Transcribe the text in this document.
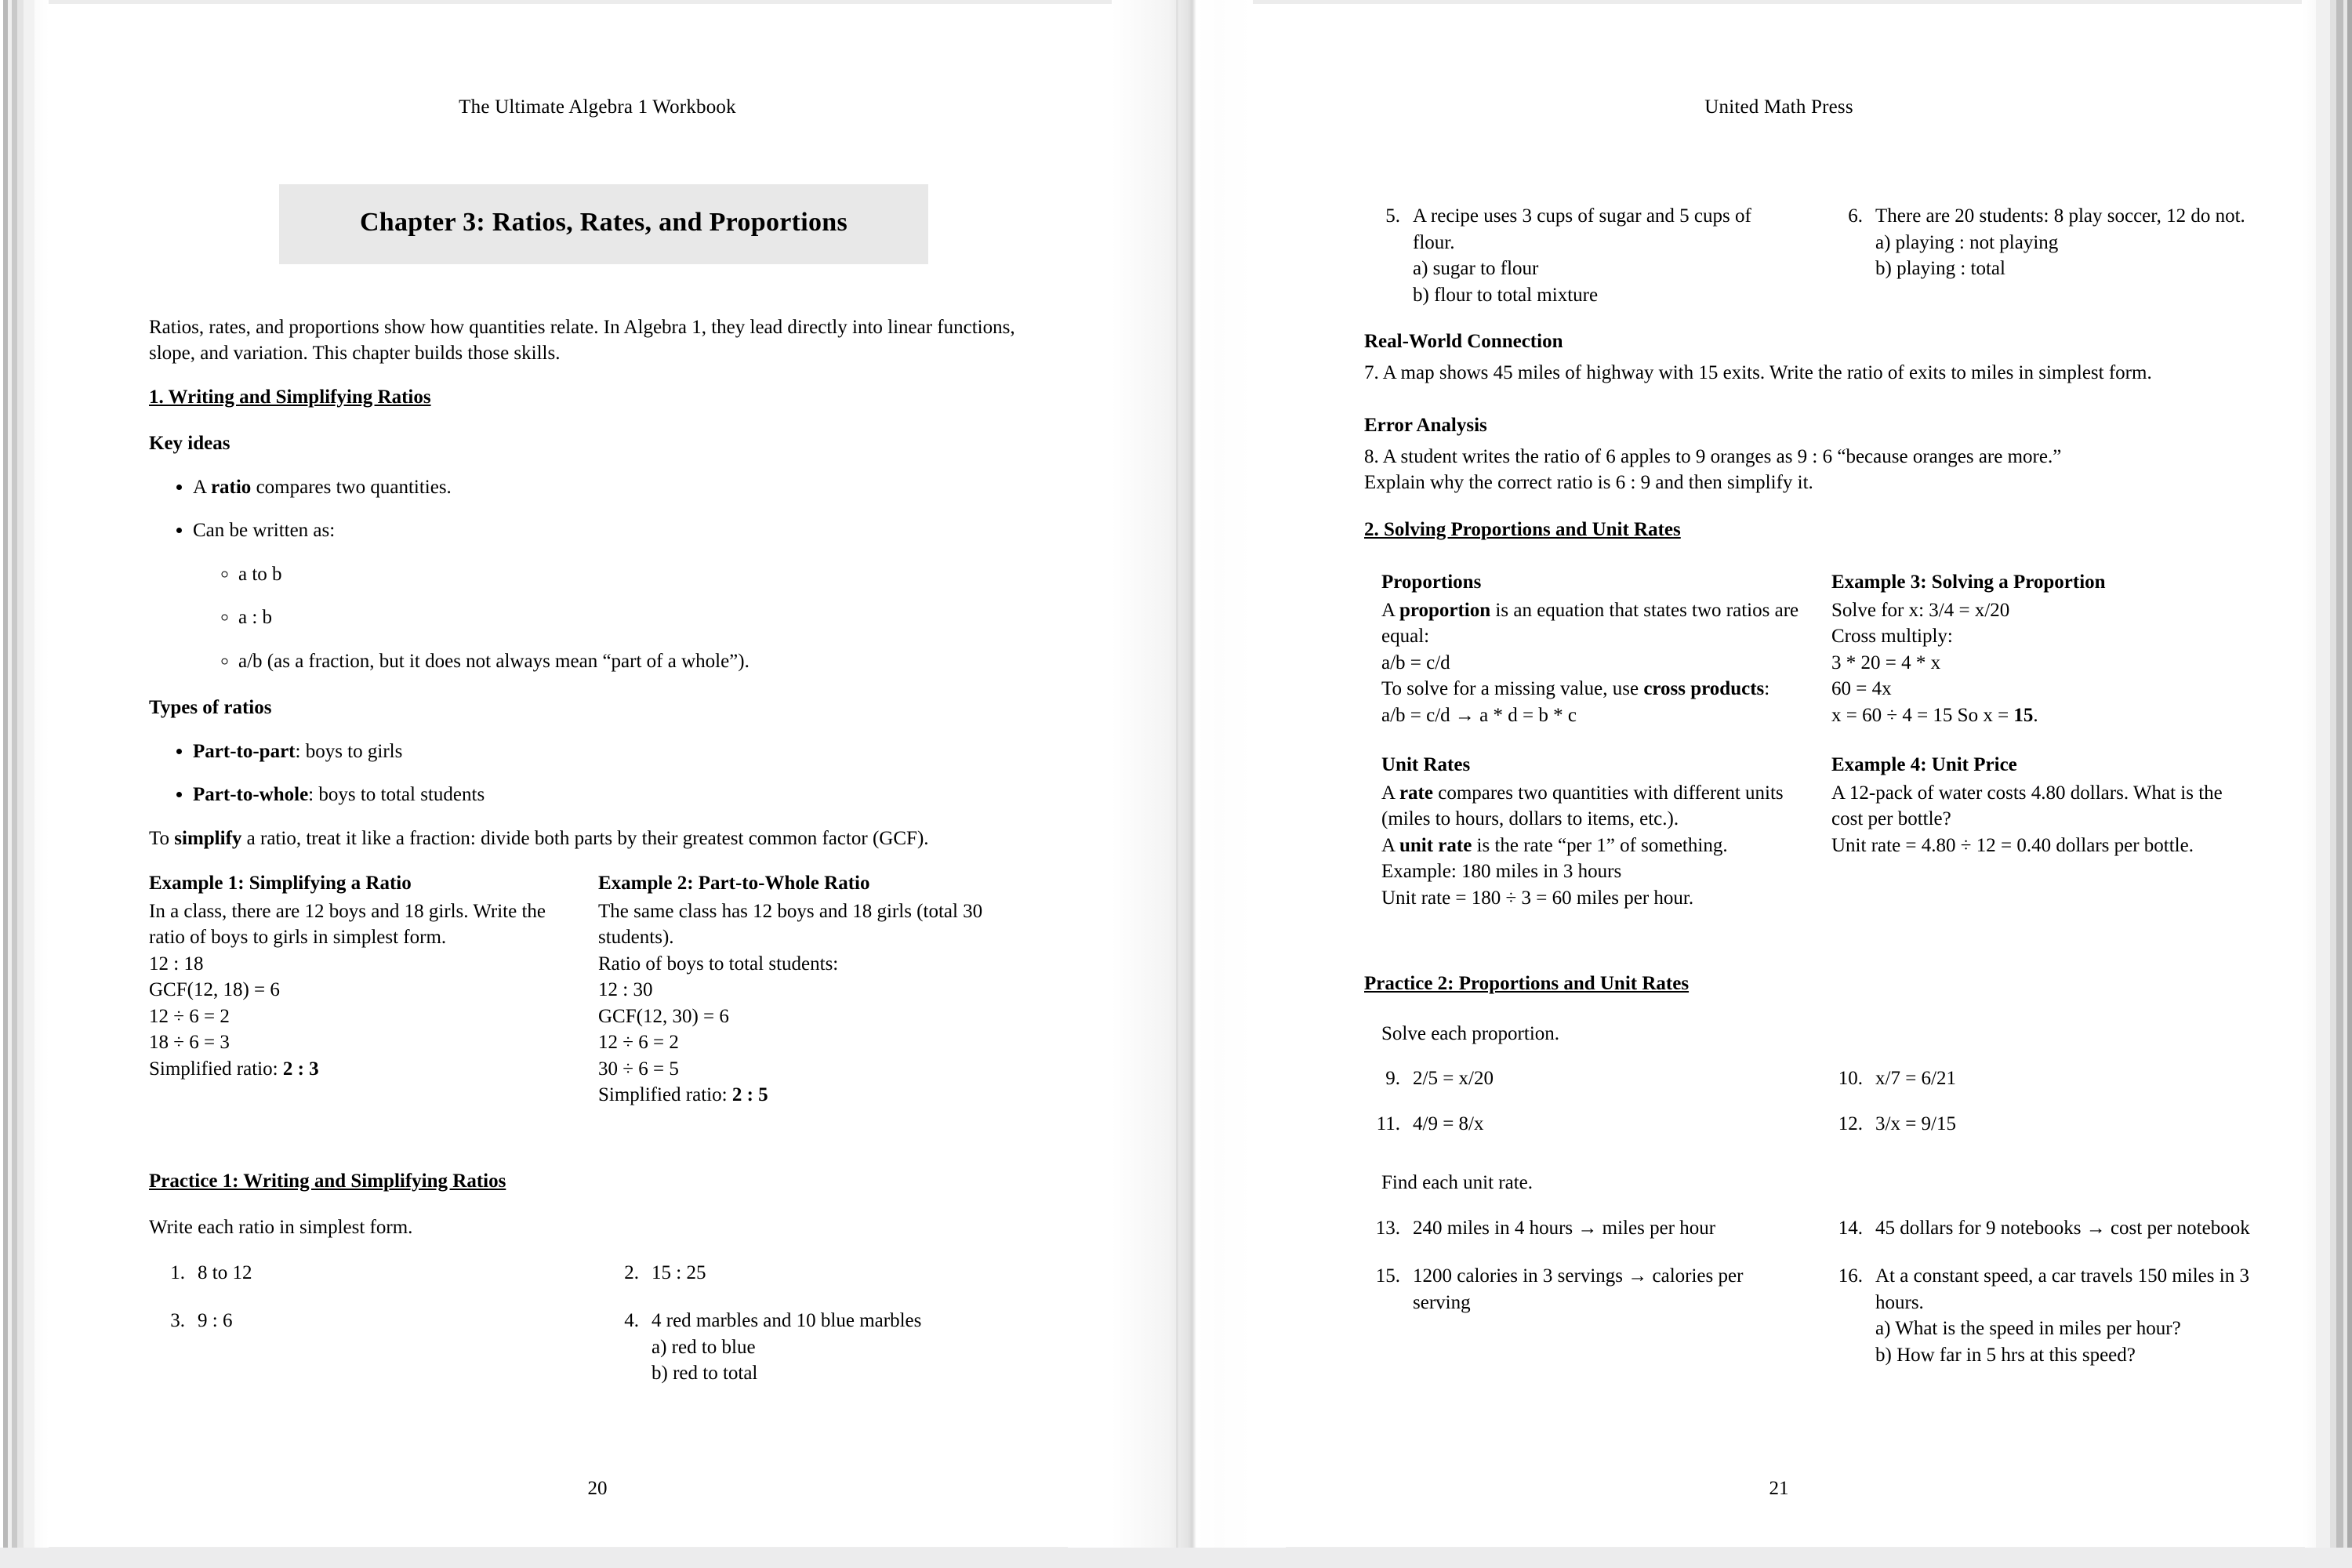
The Ultimate Algebra 1 Workbook
Chapter 3: Ratios, Rates, and Proportions

Ratios, rates, and proportions show how quantities relate. In Algebra 1, they lead directly into linear functions, slope, and variation. This chapter builds those skills.

1. Writing and Simplifying Ratios
Key ideas
• A ratio compares two quantities.
• Can be written as:
◦ a to b
◦ a : b
◦ a/b (as a fraction, but it does not always mean “part of a whole”).
Types of ratios
• Part-to-part: boys to girls
• Part-to-whole: boys to total students

To simplify a ratio, treat it like a fraction: divide both parts by their greatest common factor (GCF).

Example 1: Simplifying a Ratio

In a class, there are 12 boys and 18 girls. Write the ratio of boys to girls in simplest form.

12 : 18

GCF(12, 18) = 6

12 ÷ 6 = 2

18 ÷ 6 = 3

Simplified ratio: 2 : 3

Example 2: Part-to-Whole Ratio

The same class has 12 boys and 18 girls (total 30 students).

Ratio of boys to total students:

12 : 30

GCF(12, 30) = 6

12 ÷ 6 = 2

30 ÷ 6 = 5

Simplified ratio: 2 : 5

Practice 1: Writing and Simplifying Ratios

Write each ratio in simplest form.

1. 8 to 12	2. 15 : 25
3. 9 : 6	4. 4 red marbles and 10 blue marbles
a) red to blue
b) red to total
20
United Math Press
5. A recipe uses 3 cups of sugar and 5 cups of flour.
a) sugar to flour
b) flour to total mixture
6. There are 20 students: 8 play soccer, 12 do not.
a) playing : not playing
b) playing : total
Real-World Connection

7. A map shows 45 miles of highway with 15 exits. Write the ratio of exits to miles in simplest form.

Error Analysis

8. A student writes the ratio of 6 apples to 9 oranges as 9 : 6 “because oranges are more.”

Explain why the correct ratio is 6 : 9 and then simplify it.

2. Solving Proportions and Unit Rates
Proportions

A proportion is an equation that states two ratios are equal:

a/b = c/d

To solve for a missing value, use cross products:

a/b = c/d → a * d = b * c

Example 3: Solving a Proportion

Solve for x: 3/4 = x/20

Cross multiply:

3 * 20 = 4 * x

60 = 4x

x = 60 ÷ 4 = 15 So x = 15.

Unit Rates

A rate compares two quantities with different units (miles to hours, dollars to items, etc.).

A unit rate is the rate “per 1” of something.

Example: 180 miles in 3 hours

Unit rate = 180 ÷ 3 = 60 miles per hour.

Example 4: Unit Price

A 12-pack of water costs 4.80 dollars. What is the cost per bottle?

Unit rate = 4.80 ÷ 12 = 0.40 dollars per bottle.

Practice 2: Proportions and Unit Rates

Solve each proportion.

9. 2/5 = x/20	10. x/7 = 6/21
11. 4/9 = 8/x	12. 3/x = 9/15

Find each unit rate.

13. 240 miles in 4 hours → miles per hour	14. 45 dollars for 9 notebooks → cost per notebook
15. 1200 calories in 3 servings → calories per serving
16. At a constant speed, a car travels 150 miles in 3 hours.
a) What is the speed in miles per hour?
b) How far in 5 hrs at this speed?
21
